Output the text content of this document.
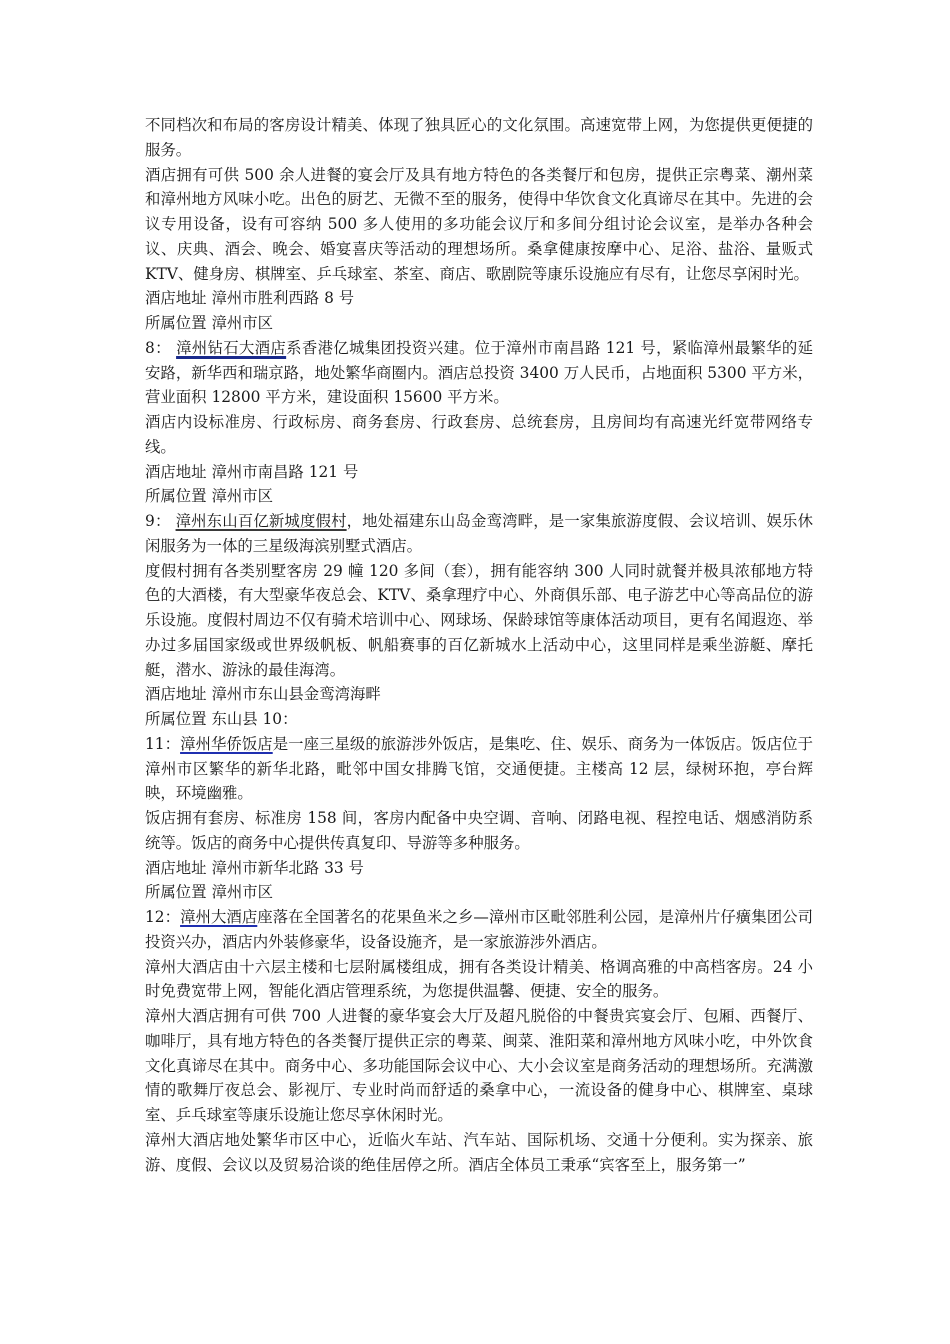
不同档次和布局的客房设计精美、体现了独具匠心的文化氛围。高速宽带上网，为您提供更便捷的服务。

酒店拥有可供 500 余人进餐的宴会厅及具有地方特色的各类餐厅和包房，提供正宗粤菜、潮州菜和漳州地方风味小吃。出色的厨艺、无微不至的服务，使得中华饮食文化真谛尽在其中。先进的会议专用设备，设有可容纳 500 多人使用的多功能会议厅和多间分组讨论会议室，是举办各种会议、庆典、酒会、晚会、婚宴喜庆等活动的理想场所。桑拿健康按摩中心、足浴、盐浴、量贩式 KTV、健身房、棋牌室、乒乓球室、茶室、商店、歌剧院等康乐设施应有尽有，让您尽享闲时光。

酒店地址 漳州市胜利西路 8 号

所属位置 漳州市区

8： 漳州钻石大酒店系香港亿城集团投资兴建。位于漳州市南昌路 121 号，紧临漳州最繁华的延安路，新华西和瑞京路，地处繁华商圈内。酒店总投资 3400 万人民币，占地面积 5300 平方米，营业面积 12800 平方米，建设面积 15600 平方米。

酒店内设标准房、行政标房、商务套房、行政套房、总统套房，且房间均有高速光纤宽带网络专线。

酒店地址 漳州市南昌路 121 号

所属位置 漳州市区

9： 漳州东山百亿新城度假村，地处福建东山岛金鸾湾畔，是一家集旅游度假、会议培训、娱乐休闲服务为一体的三星级海滨别墅式酒店。

度假村拥有各类别墅客房 29 幢 120 多间（套），拥有能容纳 300 人同时就餐并极具浓郁地方特色的大酒楼，有大型豪华夜总会、KTV、桑拿理疗中心、外商俱乐部、电子游艺中心等高品位的游乐设施。度假村周边不仅有骑术培训中心、网球场、保龄球馆等康体活动项目，更有名闻遐迩、举办过多届国家级或世界级帆板、帆船赛事的百亿新城水上活动中心，这里同样是乘坐游艇、摩托艇，潜水、游泳的最佳海湾。

酒店地址 漳州市东山县金鸾湾海畔

所属位置 东山县 10：

11：漳州华侨饭店是一座三星级的旅游涉外饭店，是集吃、住、娱乐、商务为一体饭店。饭店位于漳州市区繁华的新华北路，毗邻中国女排腾飞馆，交通便捷。主楼高 12 层，绿树环抱，亭台辉映，环境幽雅。

饭店拥有套房、标准房 158 间，客房内配备中央空调、音响、闭路电视、程控电话、烟感消防系统等。饭店的商务中心提供传真复印、导游等多种服务。

酒店地址 漳州市新华北路 33 号

所属位置 漳州市区

12：漳州大酒店座落在全国著名的花果鱼米之乡—漳州市区毗邻胜利公园，是漳州片仔癀集团公司投资兴办，酒店内外装修豪华，设备设施齐，是一家旅游涉外酒店。

漳州大酒店由十六层主楼和七层附属楼组成，拥有各类设计精美、格调高雅的中高档客房。24 小时免费宽带上网，智能化酒店管理系统，为您提供温馨、便捷、安全的服务。

漳州大酒店拥有可供 700 人进餐的豪华宴会大厅及超凡脱俗的中餐贵宾宴会厅、包厢、西餐厅、咖啡厅，具有地方特色的各类餐厅提供正宗的粤菜、闽菜、淮阳菜和漳州地方风味小吃，中外饮食文化真谛尽在其中。商务中心、多功能国际会议中心、大小会议室是商务活动的理想场所。充满激情的歌舞厅夜总会、影视厅、专业时尚而舒适的桑拿中心，一流设备的健身中心、棋牌室、桌球室、乒乓球室等康乐设施让您尽享休闲时光。

漳州大酒店地处繁华市区中心，近临火车站、汽车站、国际机场、交通十分便利。实为探亲、旅游、度假、会议以及贸易洽谈的绝佳居停之所。酒店全体员工秉承“宾客至上，服务第一”
